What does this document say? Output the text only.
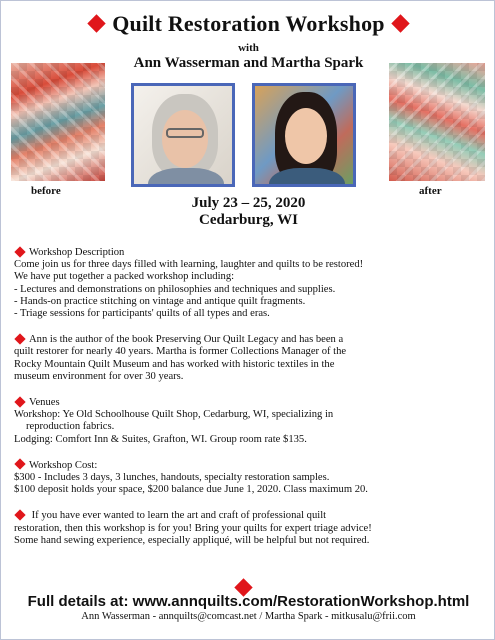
Quilt Restoration Workshop
with
Ann Wasserman and Martha Spark
before	after
July 23 – 25, 2020
Cedarburg, WI
Workshop Description
Come join us for three days filled with learning, laughter and quilts to be restored!
We have put together a packed workshop including:
- Lectures and demonstrations on philosophies and techniques and supplies.
- Hands-on practice stitching on vintage and antique quilt fragments.
- Triage sessions for participants' quilts of all types and eras.
Ann is the author of the book Preserving Our Quilt Legacy and has been a
quilt restorer for nearly 40 years. Martha is former Collections Manager of the
Rocky Mountain Quilt Museum and has worked with historic textiles in the
museum environment for over 30 years.
Venues
Workshop: Ye Old Schoolhouse Quilt Shop, Cedarburg, WI, specializing in
reproduction fabrics.
Lodging: Comfort Inn & Suites, Grafton, WI. Group room rate $135.
Workshop Cost:
$300 - Includes 3 days, 3 lunches, handouts, specialty restoration samples.
$100 deposit holds your space, $200 balance due June 1, 2020. Class maximum 20.
If you have ever wanted to learn the art and craft of professional quilt
restoration, then this workshop is for you! Bring your quilts for expert triage advice!
Some hand sewing experience, especially appliqué, will be helpful but not required.
Full details at: www.annquilts.com/RestorationWorkshop.html
Ann Wasserman - annquilts@comcast.net / Martha Spark - mitkusalu@frii.com
